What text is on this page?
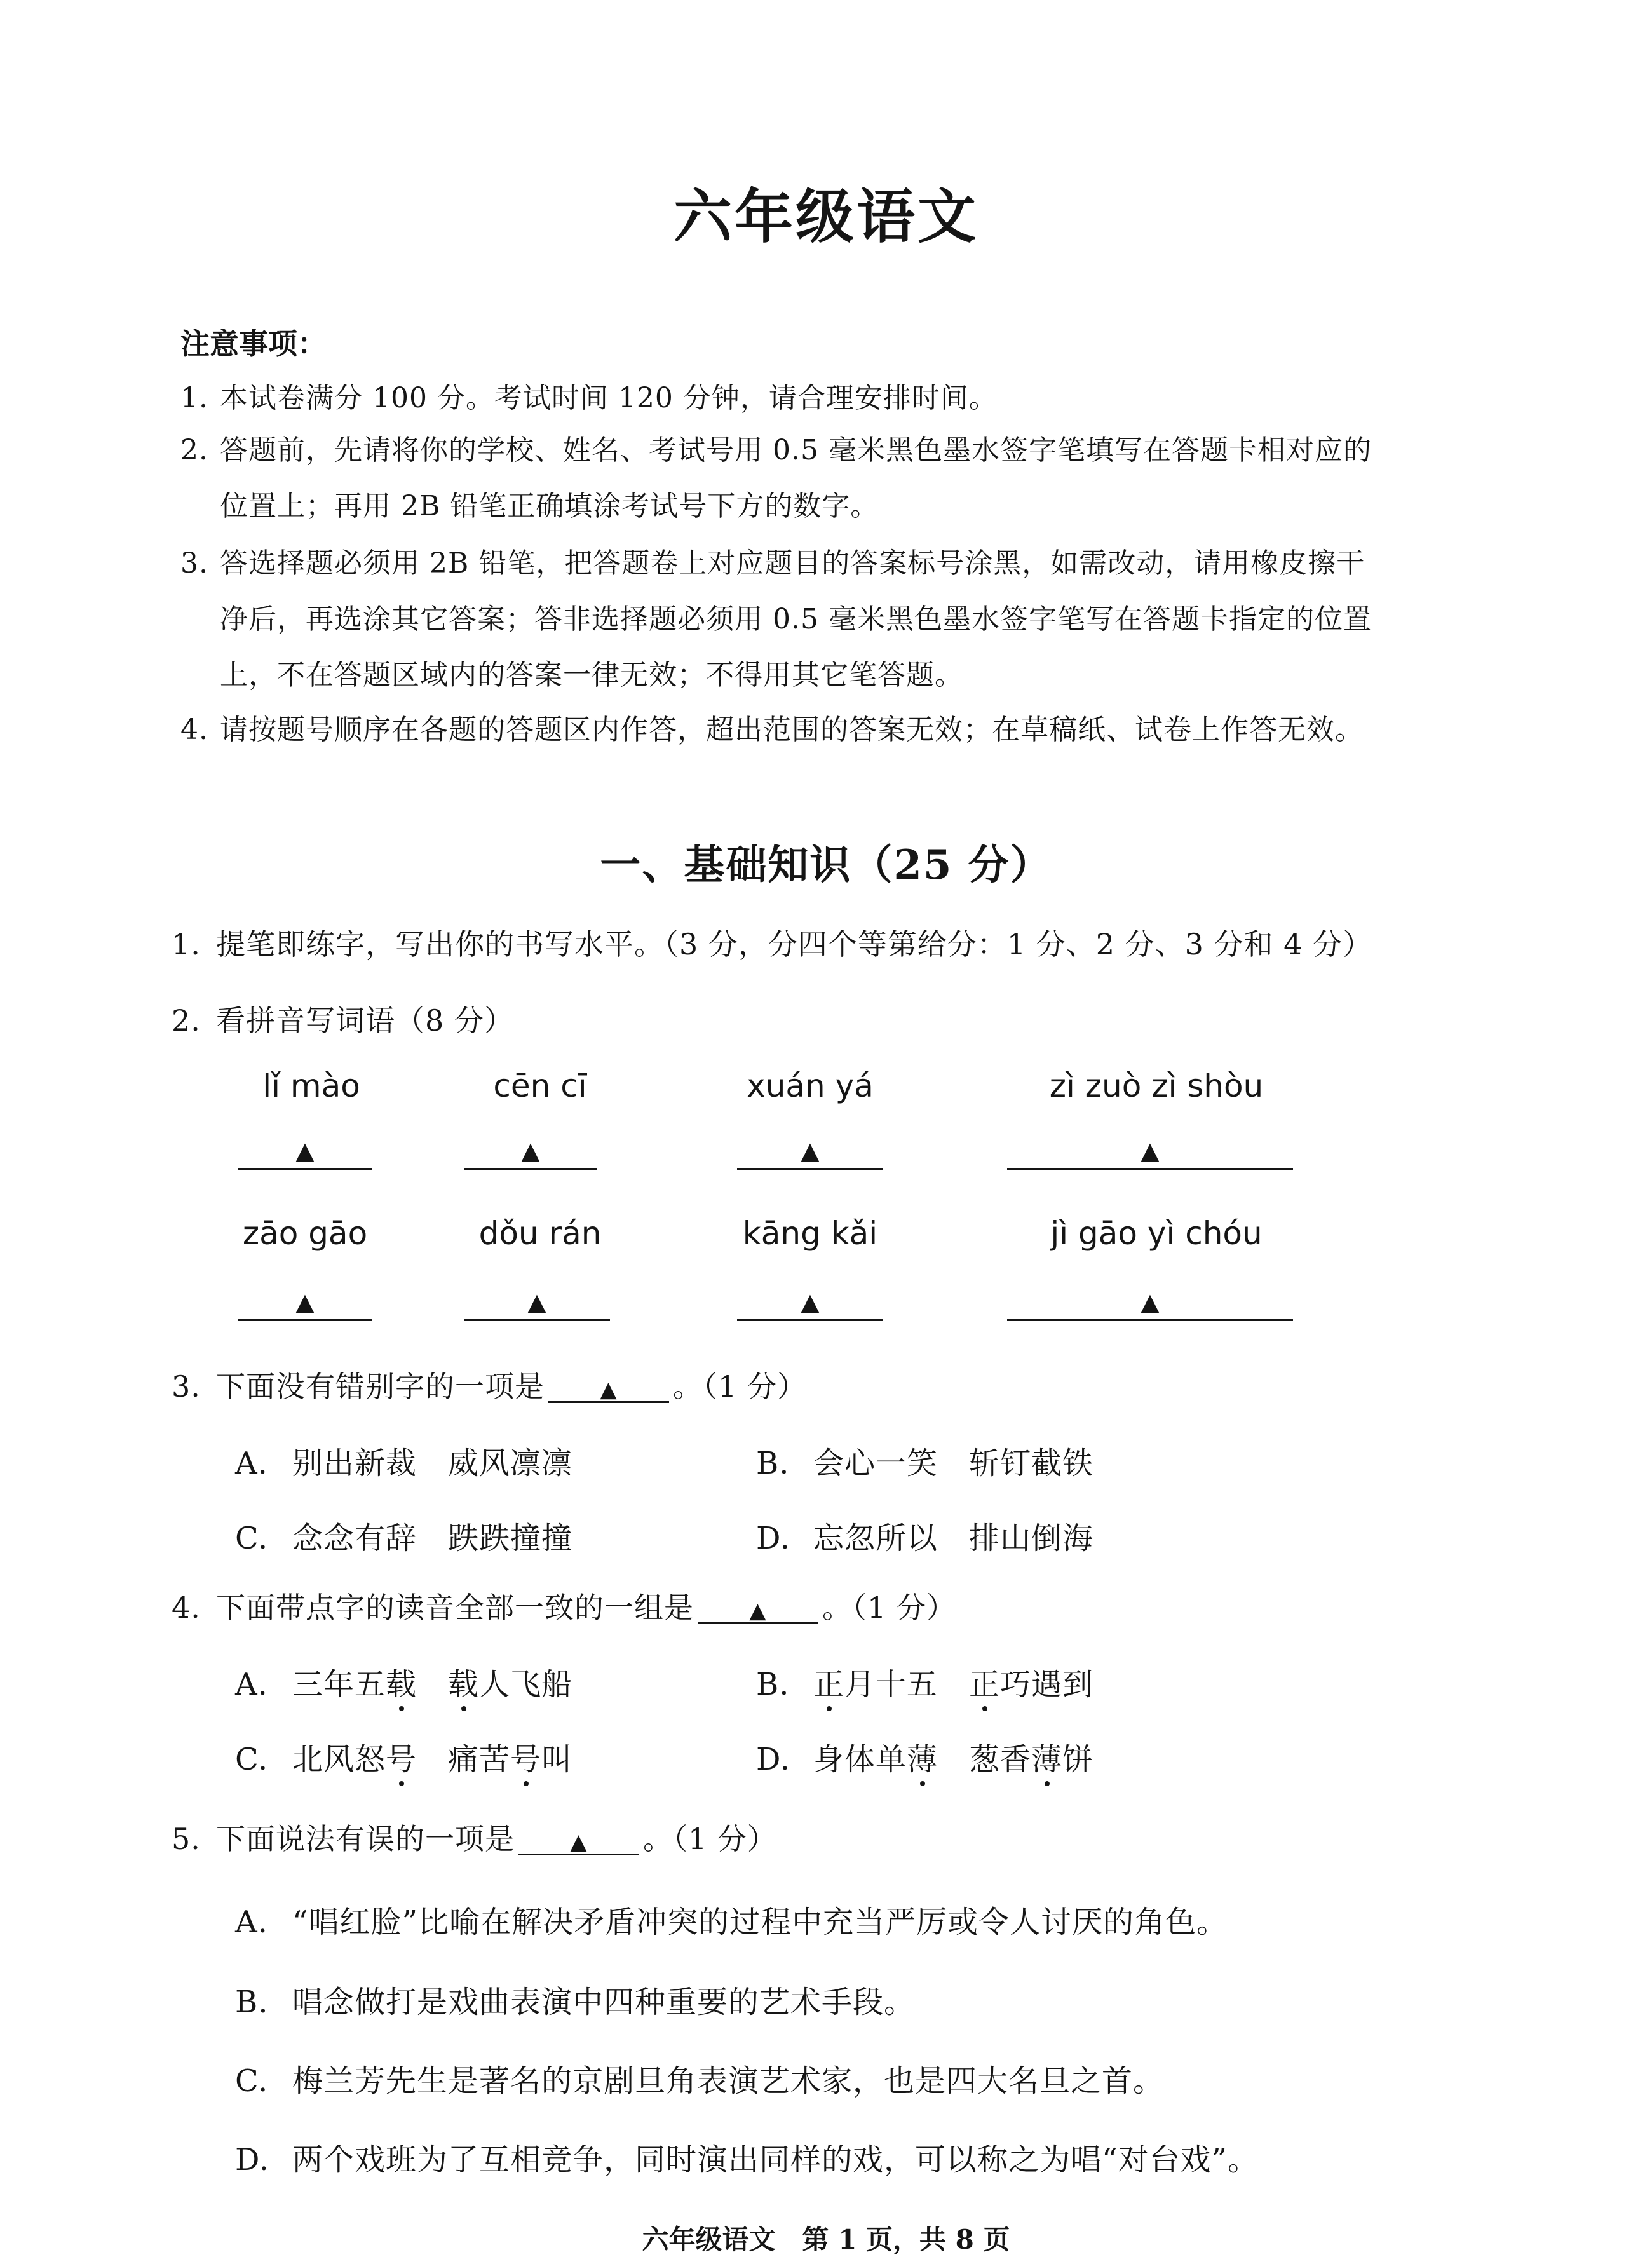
六年级语文
注意事项：
1. 本试卷满分 100 分。考试时间 120 分钟，请合理安排时间。
2. 答题前，先请将你的学校、姓名、考试号用 0.5 毫米黑色墨水签字笔填写在答题卡相对应的
位置上；再用 2B 铅笔正确填涂考试号下方的数字。
3. 答选择题必须用 2B 铅笔，把答题卷上对应题目的答案标号涂黑，如需改动，请用橡皮擦干
净后，再选涂其它答案；答非选择题必须用 0.5 毫米黑色墨水签字笔写在答题卡指定的位置
上，不在答题区域内的答案一律无效；不得用其它笔答题。
4. 请按题号顺序在各题的答题区内作答，超出范围的答案无效；在草稿纸、试卷上作答无效。
一、基础知识（25 分）
1. 提笔即练字，写出你的书写水平。（3 分，分四个等第给分：1 分、2 分、3 分和 4 分）
2. 看拼音写词语（8 分）
lǐ mào	cēn cī	xuán yá	zì zuò zì shòu
▲	▲	▲	▲
zāo gāo	dǒu rán	kāng kǎi	jì gāo yì chóu
▲	▲	▲	▲
3. 下面没有错别字的一项是	▲ 。（1 分）
A. 别出新裁　威风凛凛	B. 会心一笑　斩钉截铁
C. 念念有辞　跌跌撞撞	D. 忘忽所以　排山倒海
4. 下面带点字的读音全部一致的一组是	▲ 。（1 分）
A. 三年五载　 载人飞船	B. 正月十五　正巧遇到
C. 北风怒号　痛苦号叫	D. 身体单薄　葱香薄饼
5. 下面说法有误的一项是	▲ 。（1 分）
A. “唱红脸”比喻在解决矛盾冲突的过程中充当严厉或令人讨厌的角色。
B. 唱念做打是戏曲表演中四种重要的艺术手段。
C. 梅兰芳先生是著名的京剧旦角表演艺术家，也是四大名旦之首。
D. 两个戏班为了互相竞争，同时演出同样的戏，可以称之为唱“对台戏”。
六年级语文　第 1 页，共 8 页
